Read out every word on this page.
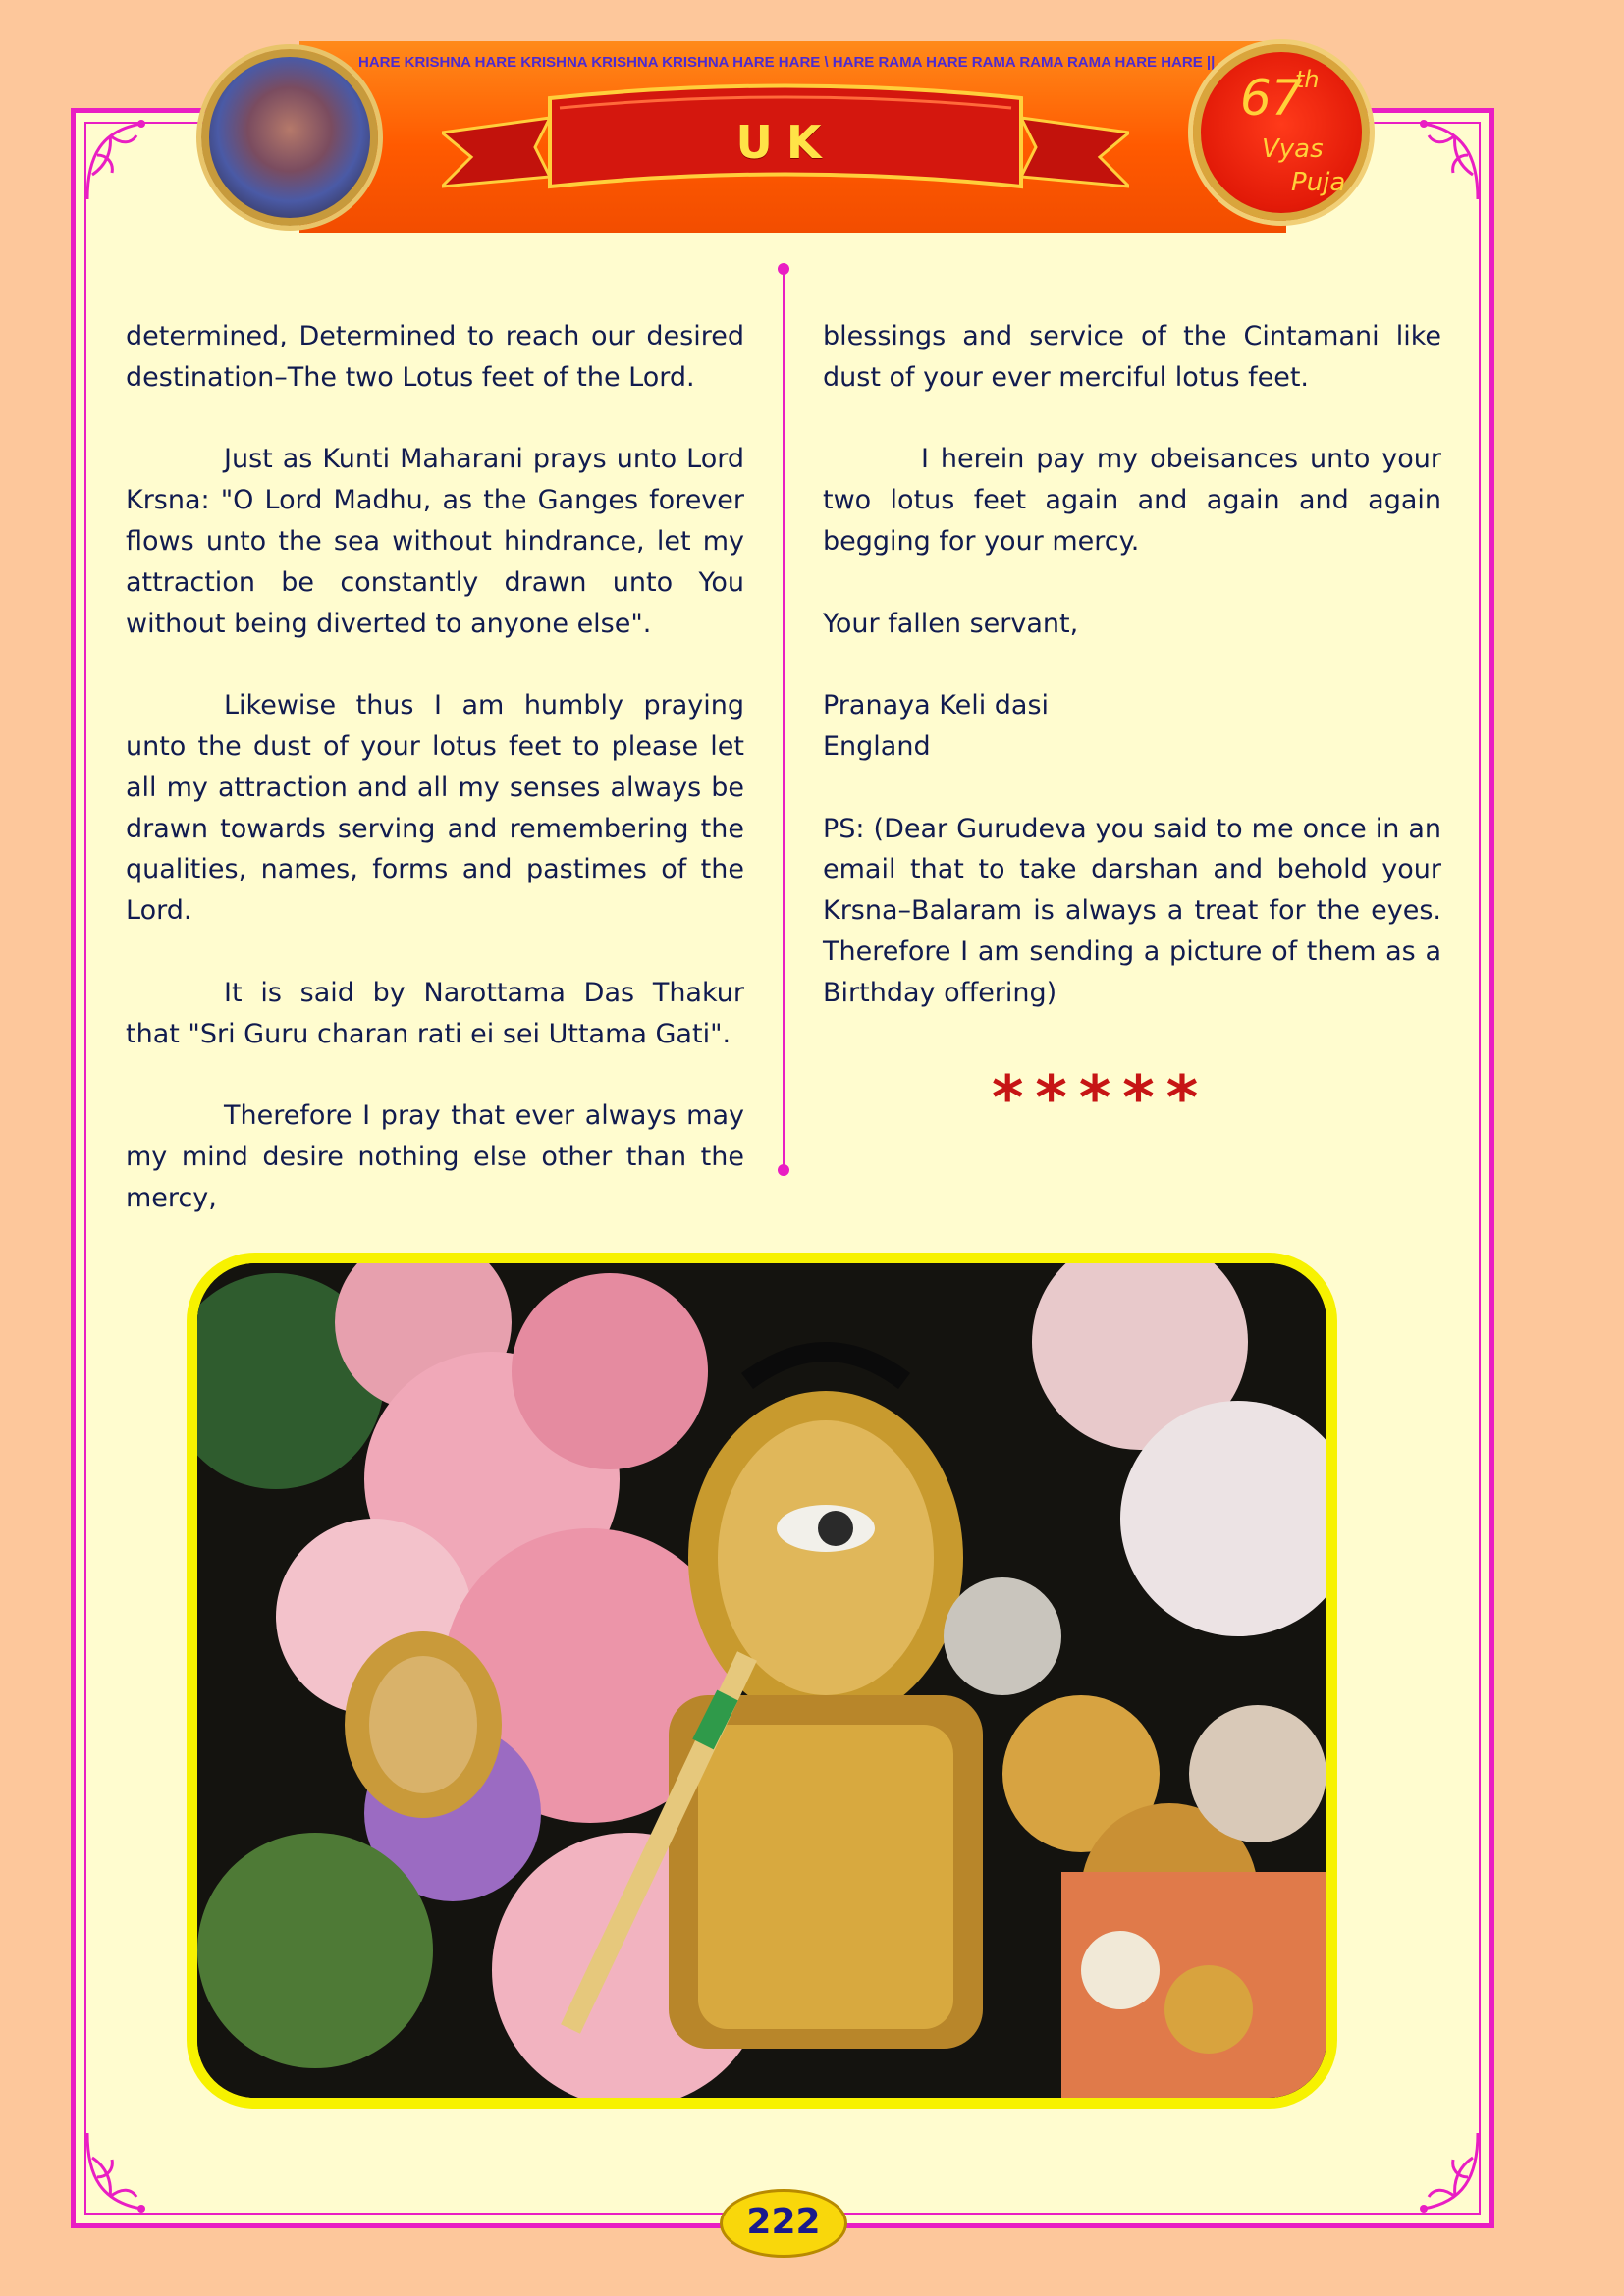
HARE KRISHNA HARE KRISHNA KRISHNA KRISHNA HARE HARE \ HARE RAMA HARE RAMA RAMA RAMA HARE HARE ||
UK
67
th
Vyas
Puja

determined, Determined to reach our desired destination–The two Lotus feet of the Lord.

Just as Kunti Maharani prays unto Lord Krsna: "O Lord Madhu, as the Ganges forever flows unto the sea without hindrance, let my attraction be constantly drawn unto You without being diverted to anyone else".

Likewise thus I am humbly praying unto the dust of your lotus feet to please let all my attraction and all my senses always be drawn towards serving and remembering the qualities, names, forms and pastimes of the Lord.

It is said by Narottama Das Thakur that "Sri Guru charan rati ei sei Uttama Gati".

Therefore I pray that ever always may my mind desire nothing else other than the mercy,

blessings and service of the Cintamani like dust of your ever merciful lotus feet.

I herein pay my obeisances unto your two lotus feet again and again and again begging for your mercy.

Your fallen servant,

Pranaya Keli dasi

England

PS: (Dear Gurudeva you said to me once in an email that to take darshan and behold your Krsna–Balaram is always a treat for the eyes. Therefore I am sending a picture of them as a Birthday offering)

*****
222
